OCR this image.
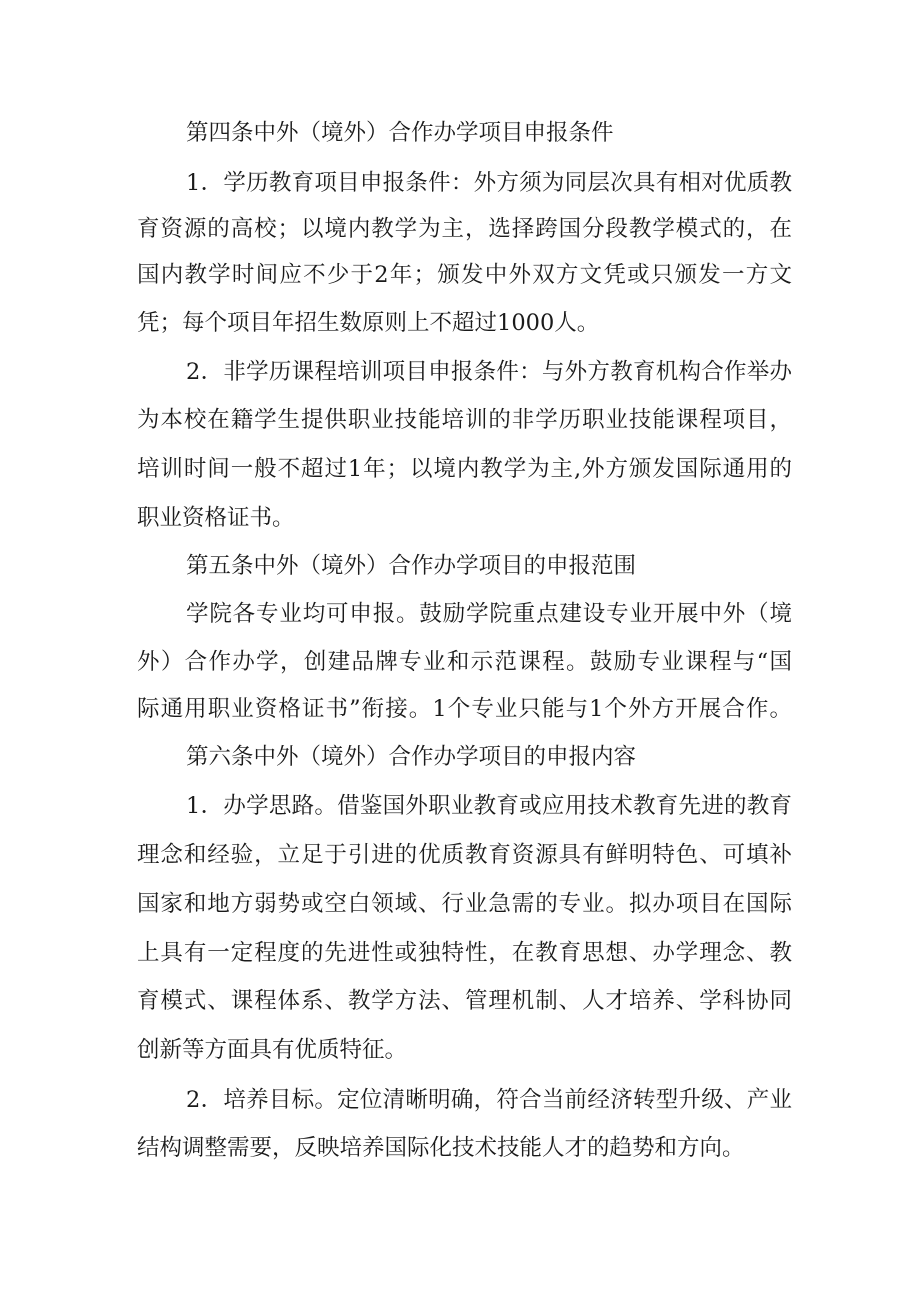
第四条中外（境外）合作办学项目申报条件
1．学历教育项目申报条件：外方须为同层次具有相对优质教
育资源的高校；以境内教学为主，选择跨国分段教学模式的，在
国内教学时间应不少于2年；颁发中外双方文凭或只颁发一方文
凭；每个项目年招生数原则上不超过1000人。
2．非学历课程培训项目申报条件：与外方教育机构合作举办
为本校在籍学生提供职业技能培训的非学历职业技能课程项目，
培训时间一般不超过1年；以境内教学为主,外方颁发国际通用的
职业资格证书。
第五条中外（境外）合作办学项目的申报范围
学院各专业均可申报。鼓励学院重点建设专业开展中外（境
外）合作办学，创建品牌专业和示范课程。鼓励专业课程与“国
际通用职业资格证书”衔接。1个专业只能与1个外方开展合作。
第六条中外（境外）合作办学项目的申报内容
1．办学思路。借鉴国外职业教育或应用技术教育先进的教育
理念和经验，立足于引进的优质教育资源具有鲜明特色、可填补
国家和地方弱势或空白领域、行业急需的专业。拟办项目在国际
上具有一定程度的先进性或独特性，在教育思想、办学理念、教
育模式、课程体系、教学方法、管理机制、人才培养、学科协同
创新等方面具有优质特征。
2．培养目标。定位清晰明确，符合当前经济转型升级、产业
结构调整需要，反映培养国际化技术技能人才的趋势和方向。
